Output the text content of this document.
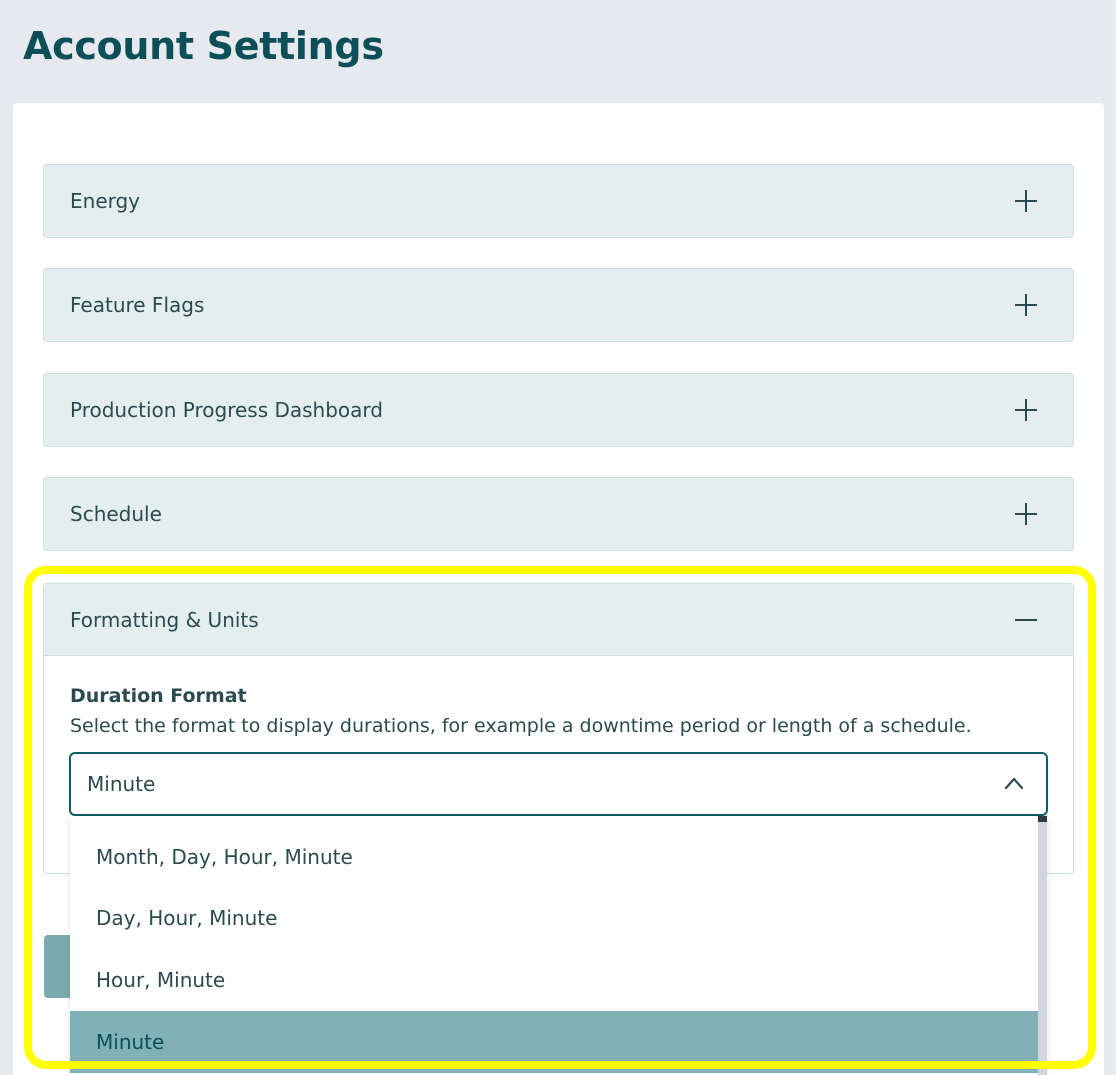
Account Settings
Energy
Feature Flags
Production Progress Dashboard
Schedule
Formatting & Units
Duration Format
Select the format to display durations, for example a downtime period or length of a schedule.
Minute
Month, Day, Hour, Minute
Day, Hour, Minute
Hour, Minute
Minute
